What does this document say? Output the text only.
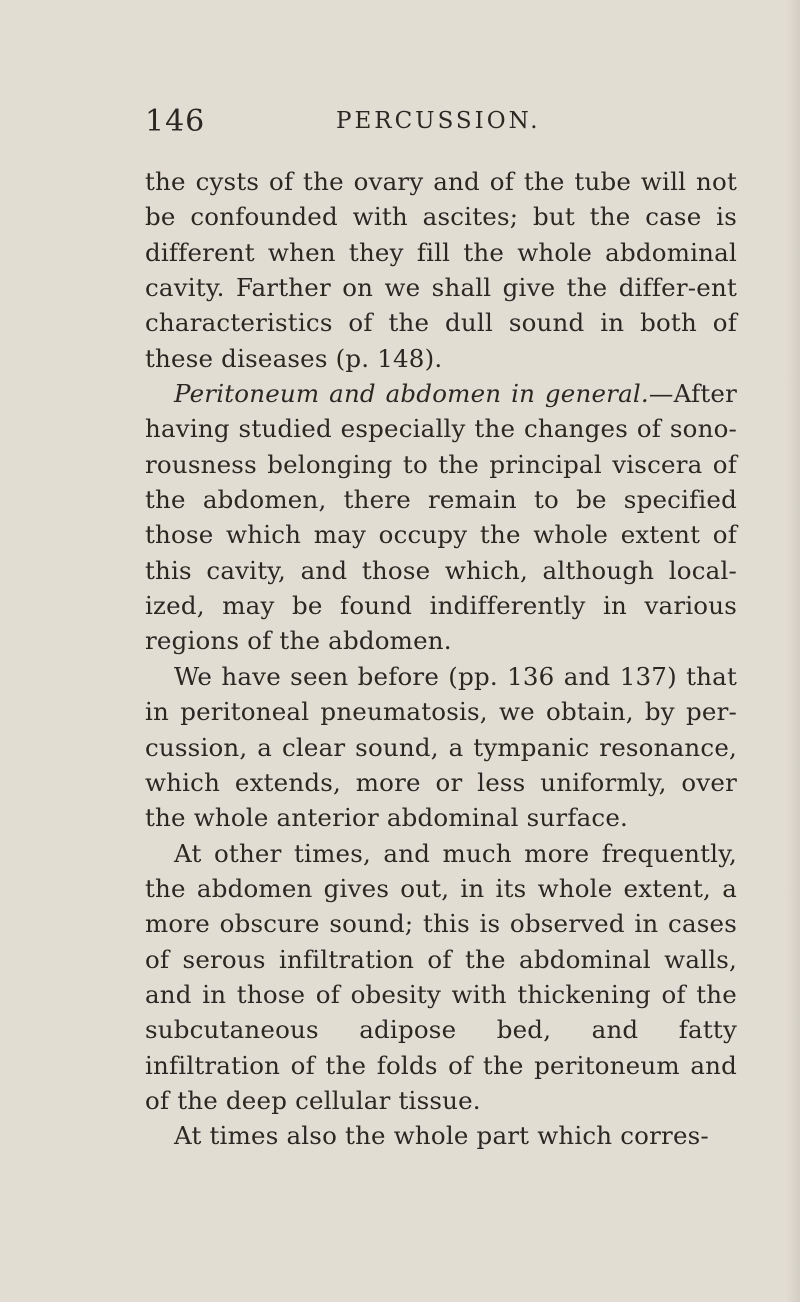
146	PERCUSSION.

the cysts of the ovary and of the tube will not be confounded with ascites; but the case is different when they fill the whole abdominal cavity. Farther on we shall give the differ-ent characteristics of the dull sound in both of these diseases (p. 148).

Peritoneum and abdomen in general.—After having studied especially the changes of sono-rousness belonging to the principal viscera of the abdomen, there remain to be specified those which may occupy the whole extent of this cavity, and those which, although local-ized, may be found indifferently in various regions of the abdomen.

We have seen before (pp. 136 and 137) that in peritoneal pneumatosis, we obtain, by per-cussion, a clear sound, a tympanic resonance, which extends, more or less uniformly, over the whole anterior abdominal surface.

At other times, and much more frequently, the abdomen gives out, in its whole extent, a more obscure sound; this is observed in cases of serous infiltration of the abdominal walls, and in those of obesity with thickening of the subcutaneous adipose bed, and fatty infiltration of the folds of the peritoneum and of the deep cellular tissue.

At times also the whole part which corres-
